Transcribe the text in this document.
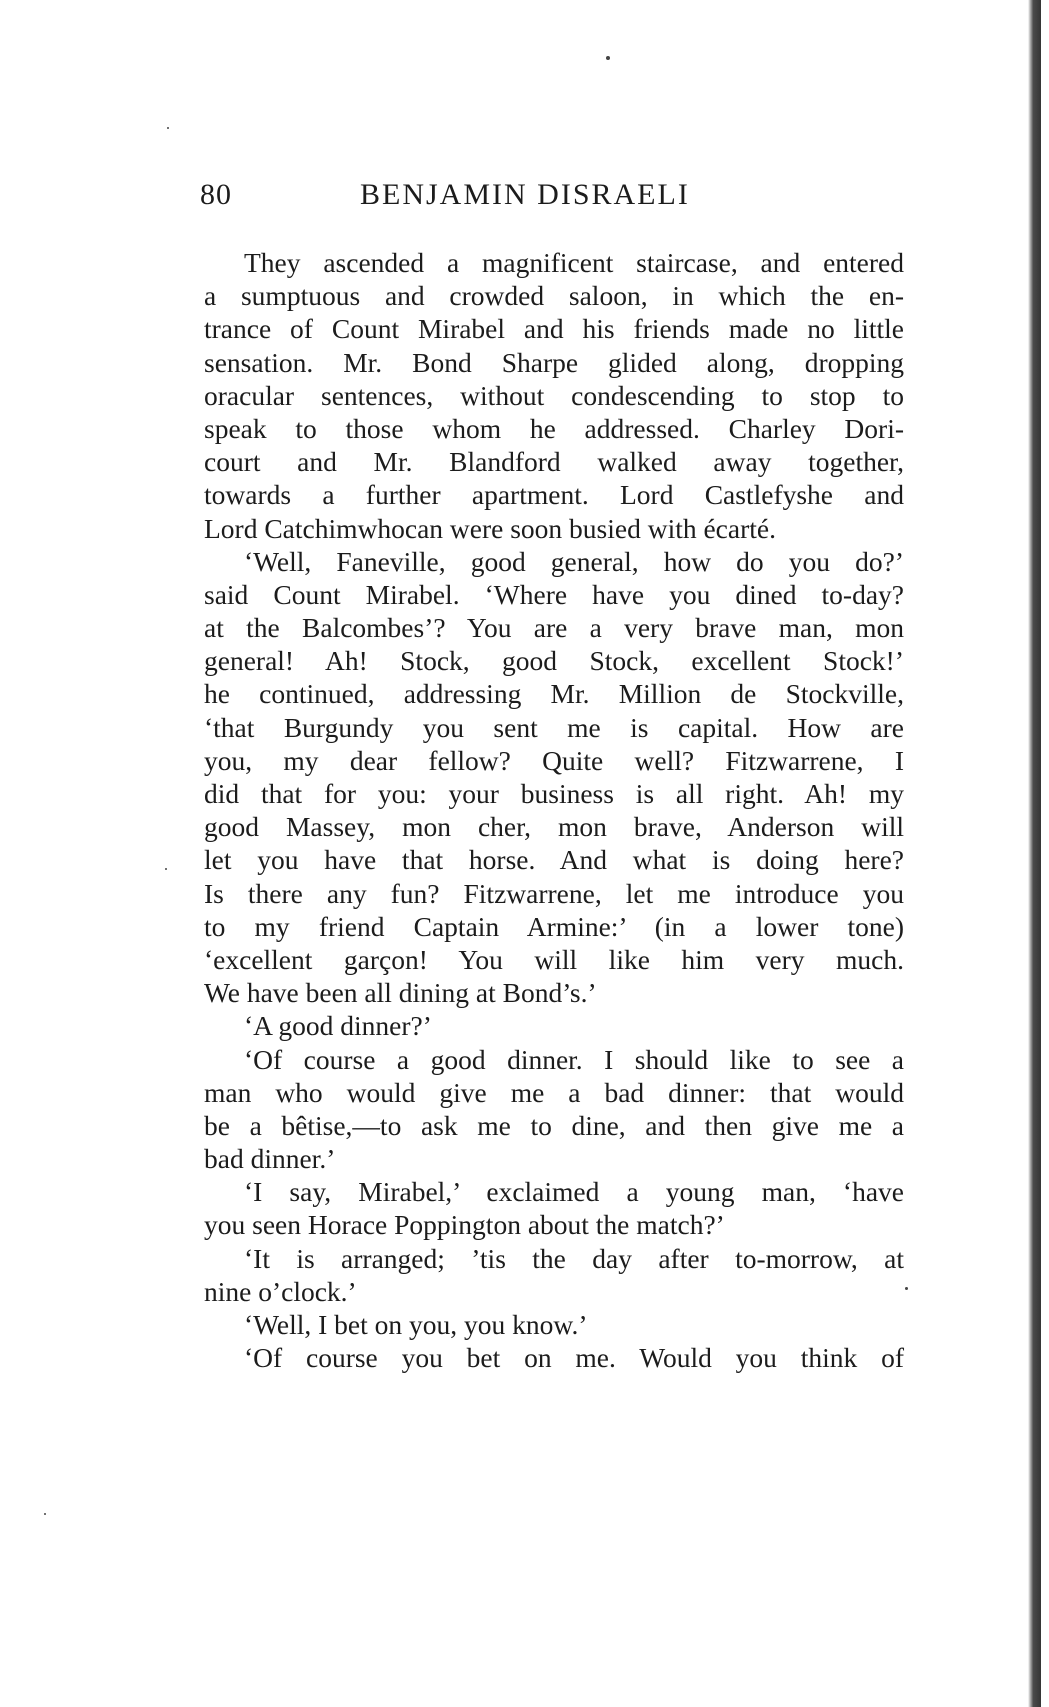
80	BENJAMIN DISRAELI
They ascended a magnificent staircase, and entered
a sumptuous and crowded saloon, in which the en-
trance of Count Mirabel and his friends made no little
sensation. Mr. Bond Sharpe glided along, dropping
oracular sentences, without condescending to stop to
speak to those whom he addressed. Charley Dori-
court and Mr. Blandford walked away together,
towards a further apartment. Lord Castlefyshe and
Lord Catchimwhocan were soon busied with écarté.
‘Well, Faneville, good general, how do you do?’
said Count Mirabel. ‘Where have you dined to-day?
at the Balcombes’? You are a very brave man, mon
general! Ah! Stock, good Stock, excellent Stock!’
he continued, addressing Mr. Million de Stockville,
‘that Burgundy you sent me is capital. How are
you, my dear fellow? Quite well? Fitzwarrene, I
did that for you: your business is all right. Ah! my
good Massey, mon cher, mon brave, Anderson will
let you have that horse. And what is doing here?
Is there any fun? Fitzwarrene, let me introduce you
to my friend Captain Armine:’ (in a lower tone)
‘excellent garçon! You will like him very much.
We have been all dining at Bond’s.’
‘A good dinner?’
‘Of course a good dinner. I should like to see a
man who would give me a bad dinner: that would
be a bêtise,—to ask me to dine, and then give me a
bad dinner.’
‘I say, Mirabel,’ exclaimed a young man, ‘have
you seen Horace Poppington about the match?’
‘It is arranged; ’tis the day after to-morrow, at
nine o’clock.’
‘Well, I bet on you, you know.’
‘Of course you bet on me. Would you think of
